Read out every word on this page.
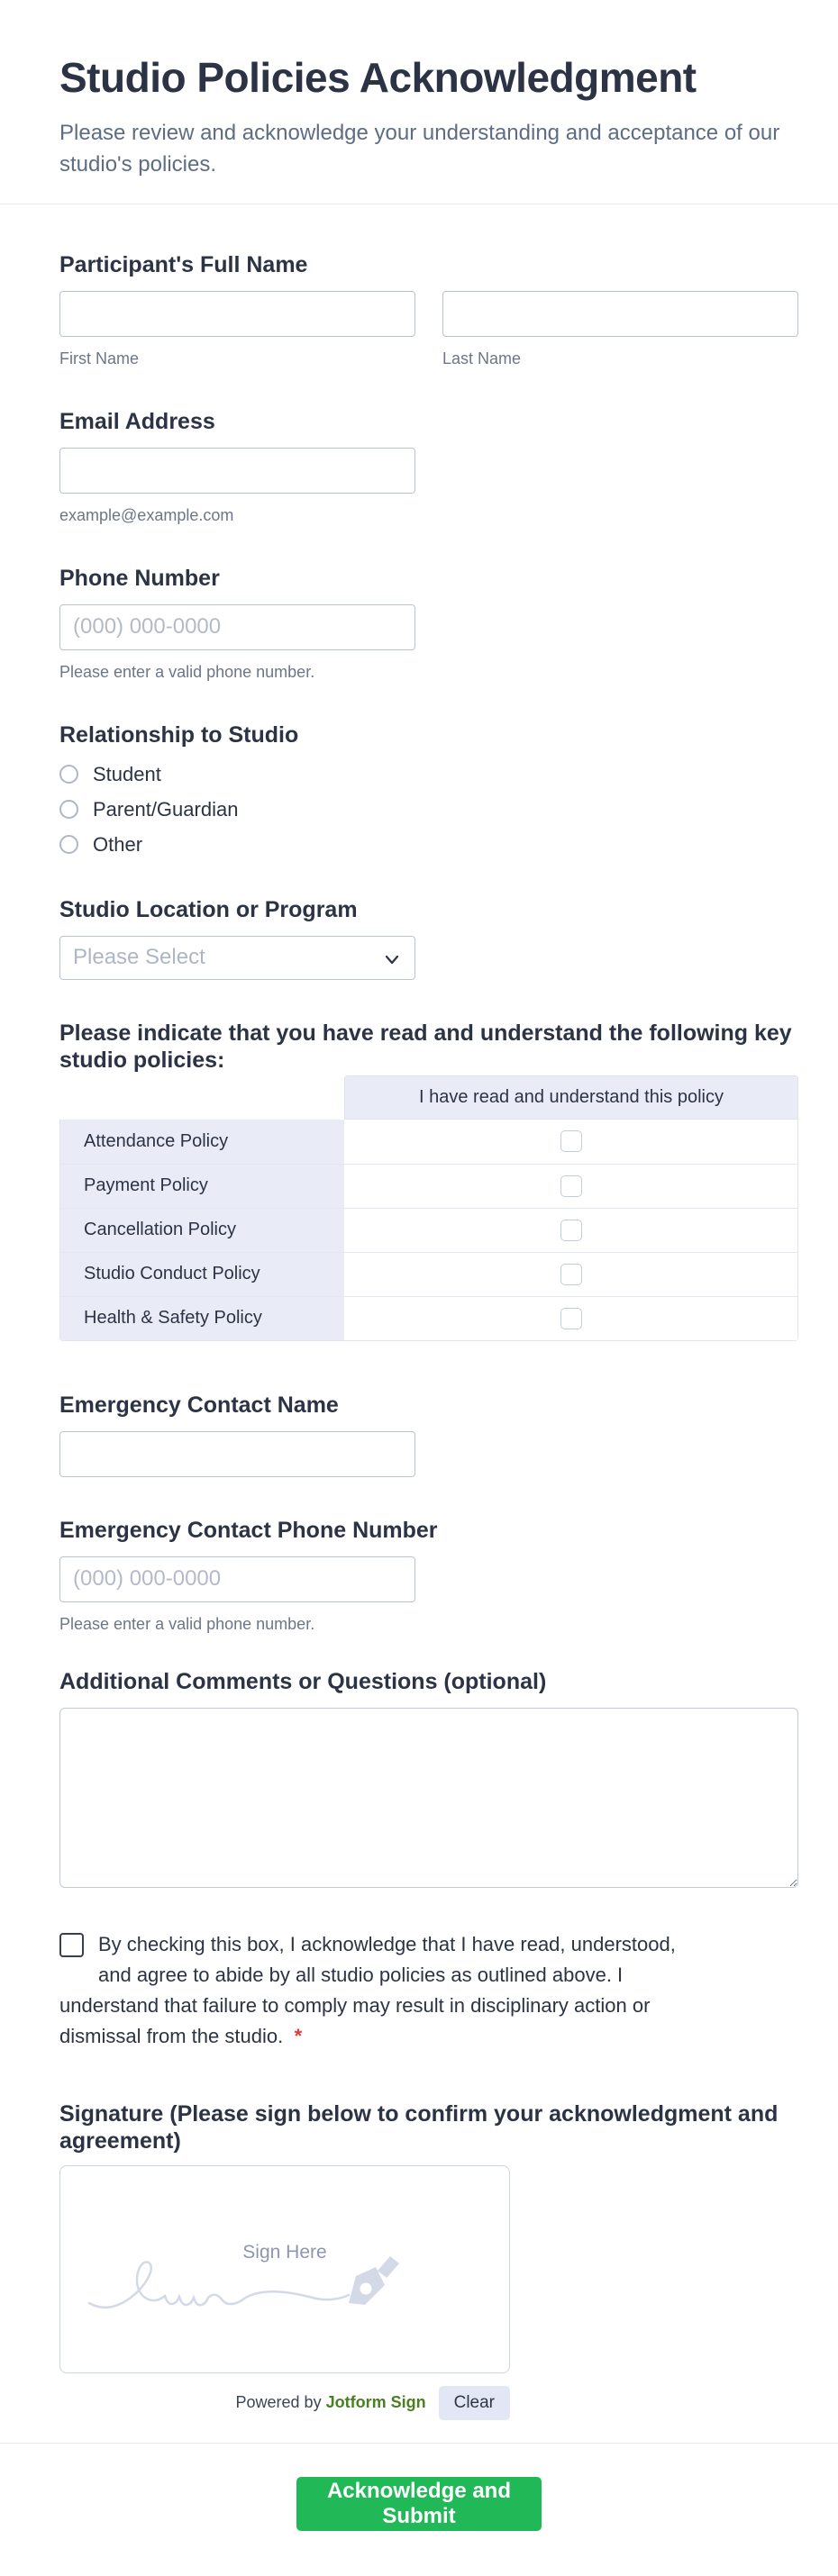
Studio Policies Acknowledgment

Please review and acknowledge your understanding and acceptance of our studio's policies.

Participant's Full Name
First Name	Last Name
Email Address
example@example.com
Phone Number
(000) 000-0000
Please enter a valid phone number.
Relationship to Studio
Student
Parent/Guardian
Other
Studio Location or Program
Please Select
Please indicate that you have read and understand the following key studio policies:
I have read and understand this policy
Attendance Policy
Payment Policy
Cancellation Policy
Studio Conduct Policy
Health & Safety Policy
Emergency Contact Name
Emergency Contact Phone Number
(000) 000-0000
Please enter a valid phone number.
Additional Comments or Questions (optional)
By checking this box, I acknowledge that I have read, understood, and agree to abide by all studio policies as outlined above. I understand that failure to comply may result in disciplinary action or dismissal from the studio. *
Signature (Please sign below to confirm your acknowledgment and agreement)
Sign Here
Powered by Jotform Sign	Clear
Acknowledge and Submit
